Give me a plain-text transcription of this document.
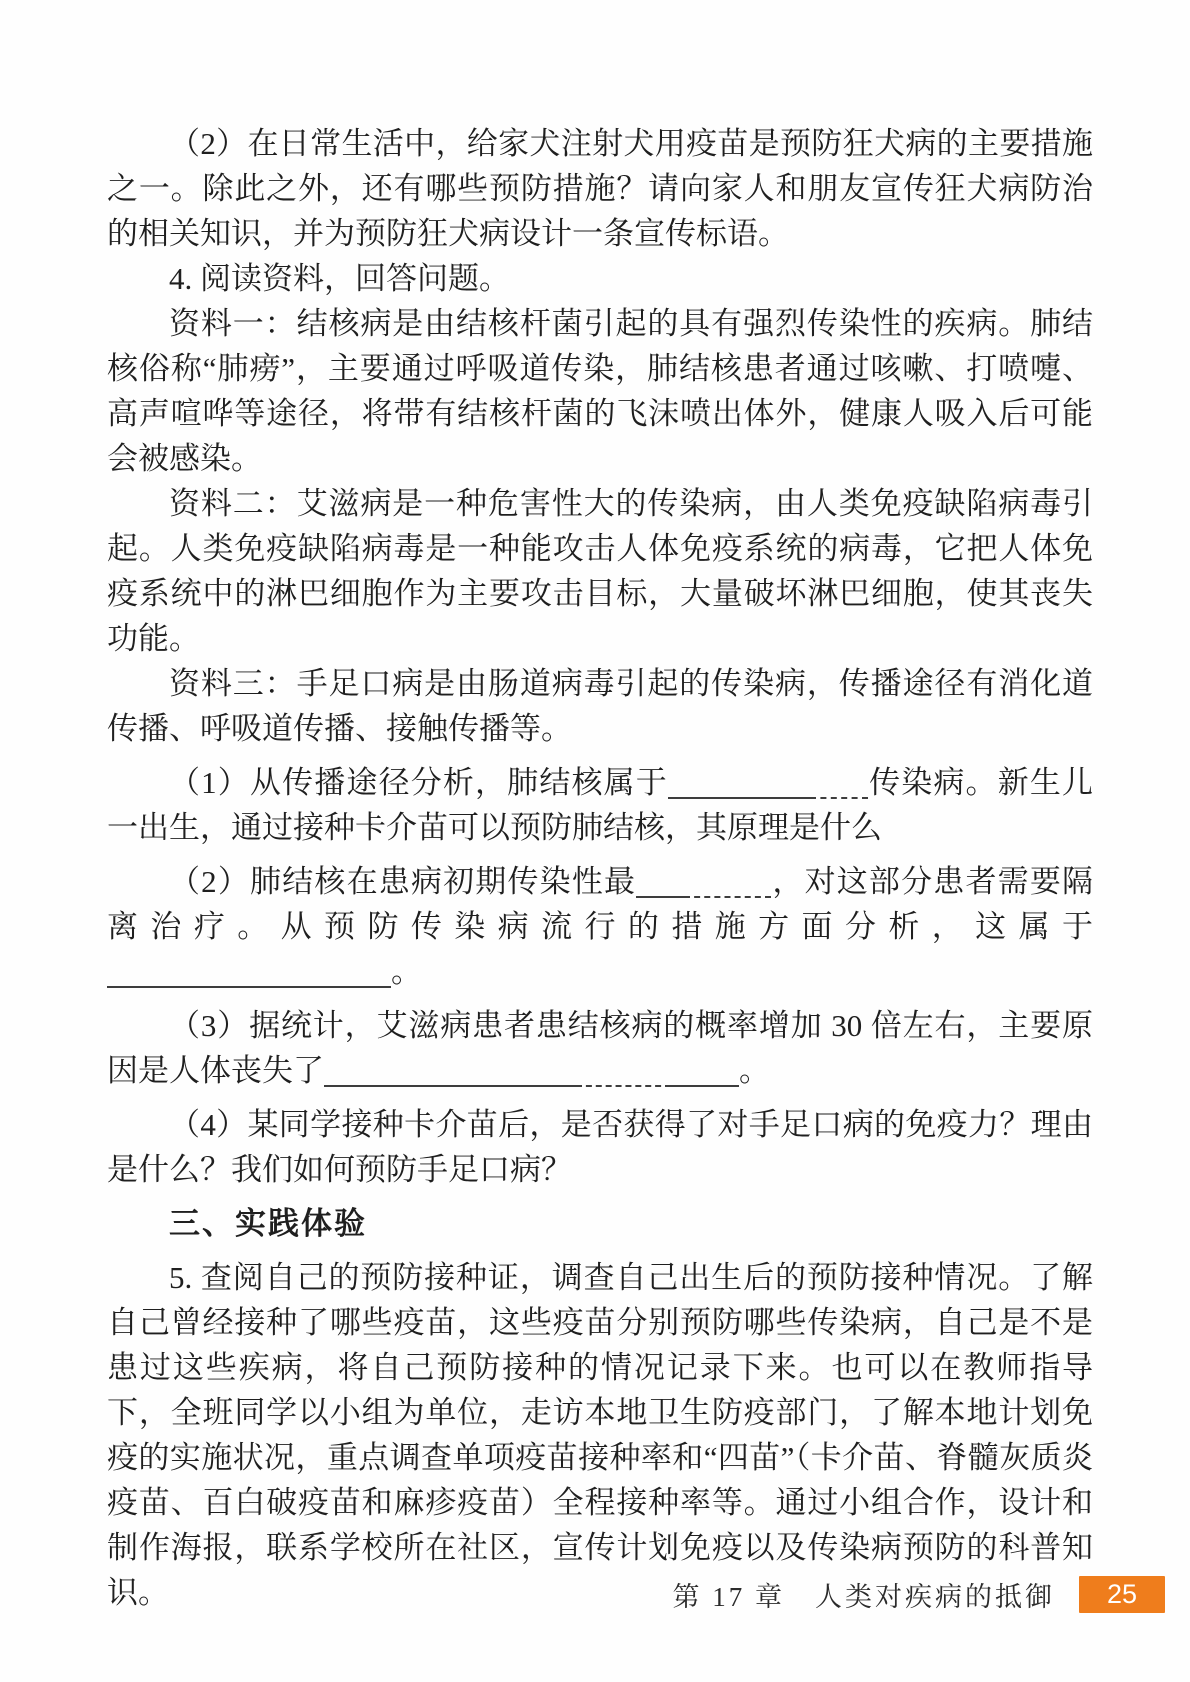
（2）在日常生活中，给家犬注射犬用疫苗是预防狂犬病的主要措施之一。除此之外，还有哪些预防措施？请向家人和朋友宣传狂犬病防治的相关知识，并为预防狂犬病设计一条宣传标语。

4. 阅读资料，回答问题。

资料一：结核病是由结核杆菌引起的具有强烈传染性的疾病。肺结核俗称“肺痨”，主要通过呼吸道传染，肺结核患者通过咳嗽、打喷嚏、高声喧哗等途径，将带有结核杆菌的飞沫喷出体外，健康人吸入后可能会被感染。

资料二：艾滋病是一种危害性大的传染病，由人类免疫缺陷病毒引起。人类免疫缺陷病毒是一种能攻击人体免疫系统的病毒，它把人体免疫系统中的淋巴细胞作为主要攻击目标，大量破坏淋巴细胞，使其丧失功能。

资料三：手足口病是由肠道病毒引起的传染病，传播途径有消化道传播、呼吸道传播、接触传播等。

（1）从传播途径分析，肺结核属于	传染病。新生儿一出生，通过接种卡介苗可以预防肺结核，其原理是什么

（2）肺结核在患病初期传染性最	，对这部分患者需要隔离治疗。从预防传染病流行的措施方面分析，这属于。

（3）据统计，艾滋病患者患结核病的概率增加 30 倍左右，主要原因是人体丧失了	。

（4）某同学接种卡介苗后，是否获得了对手足口病的免疫力？理由是什么？我们如何预防手足口病？

三、实践体验

5. 查阅自己的预防接种证，调查自己出生后的预防接种情况。了解自己曾经接种了哪些疫苗，这些疫苗分别预防哪些传染病，自己是不是患过这些疾病，将自己预防接种的情况记录下来。也可以在教师指导下，全班同学以小组为单位，走访本地卫生防疫部门，了解本地计划免疫的实施状况，重点调查单项疫苗接种率和“四苗”（卡介苗、脊髓灰质炎疫苗、百白破疫苗和麻疹疫苗）全程接种率等。通过小组合作，设计和制作海报，联系学校所在社区，宣传计划免疫以及传染病预防的科普知识。	第 17 章　人类对疾病的抵御	25
